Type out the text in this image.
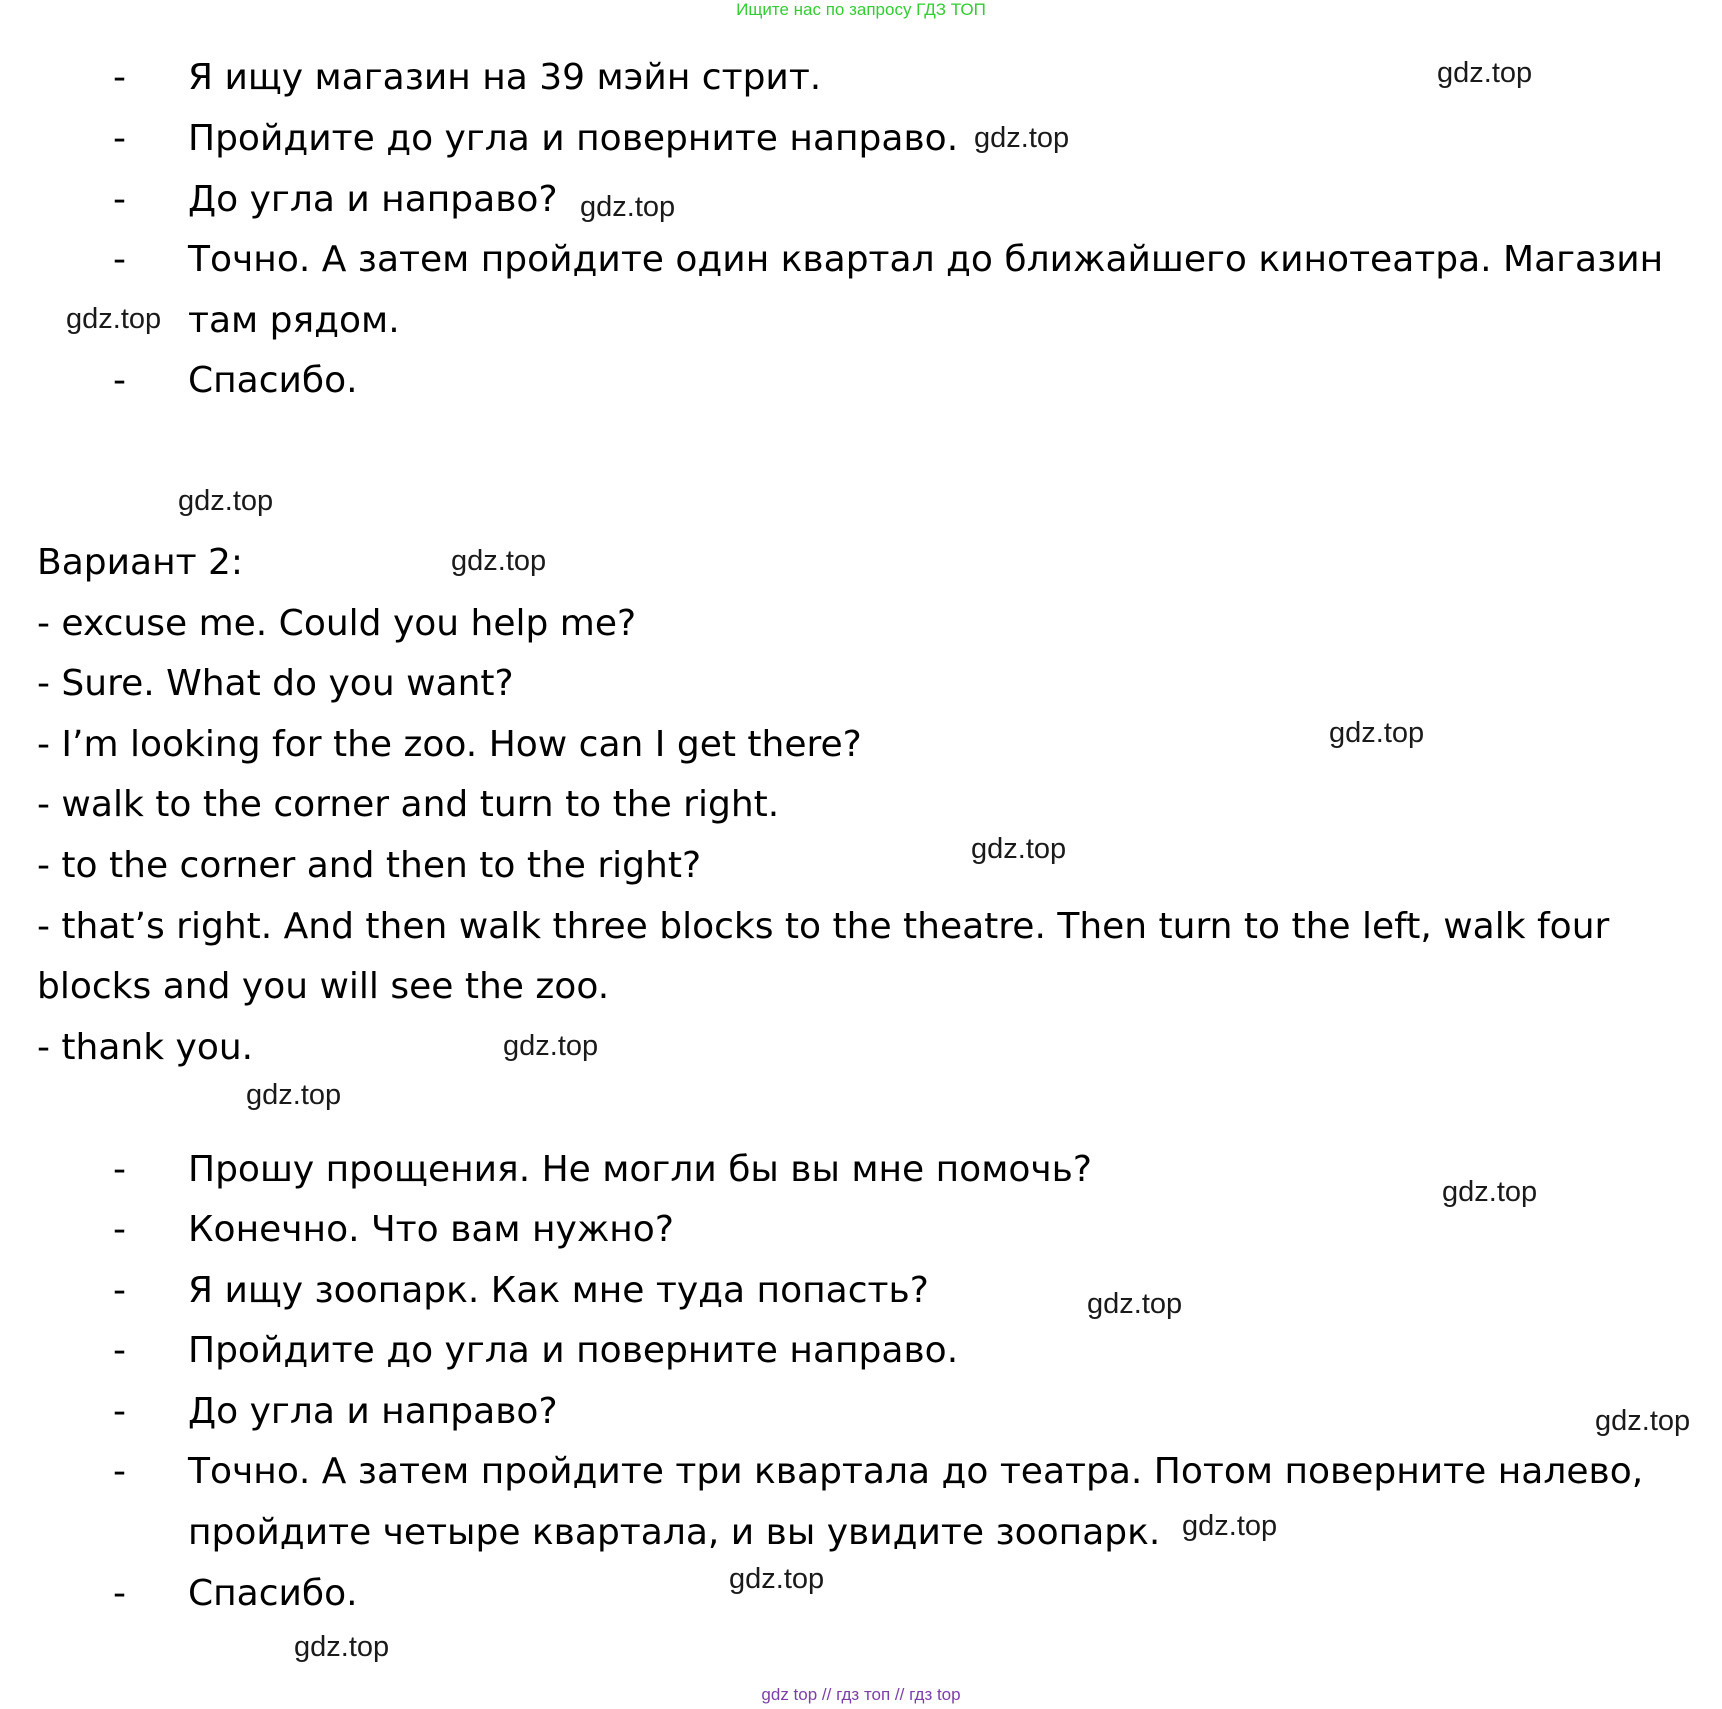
Ищите нас по запросу ГДЗ ТОП
gdz top // гдз топ // гдз top
- Я ищу магазин на 39 мэйн стрит.
- Пройдите до угла и поверните направо.
- До угла и направо?
- Точно. А затем пройдите один квартал до ближайшего кинотеатра. Магазин
там рядом.
- Спасибо.
Вариант 2:
- excuse me. Could you help me?
- Sure. What do you want?
- I’m looking for the zoo. How can I get there?
- walk to the corner and turn to the right.
- to the corner and then to the right?
- that’s right. And then walk three blocks to the theatre. Then turn to the left, walk four
blocks and you will see the zoo.
- thank you.
- Прошу прощения. Не могли бы вы мне помочь?
- Конечно. Что вам нужно?
- Я ищу зоопарк. Как мне туда попасть?
- Пройдите до угла и поверните направо.
- До угла и направо?
- Точно. А затем пройдите три квартала до театра. Потом поверните налево,
пройдите четыре квартала, и вы увидите зоопарк.
- Спасибо.
gdz.top
gdz.top
gdz.top
gdz.top
gdz.top
gdz.top
gdz.top
gdz.top
gdz.top
gdz.top
gdz.top
gdz.top
gdz.top
gdz.top
gdz.top
gdz.top
